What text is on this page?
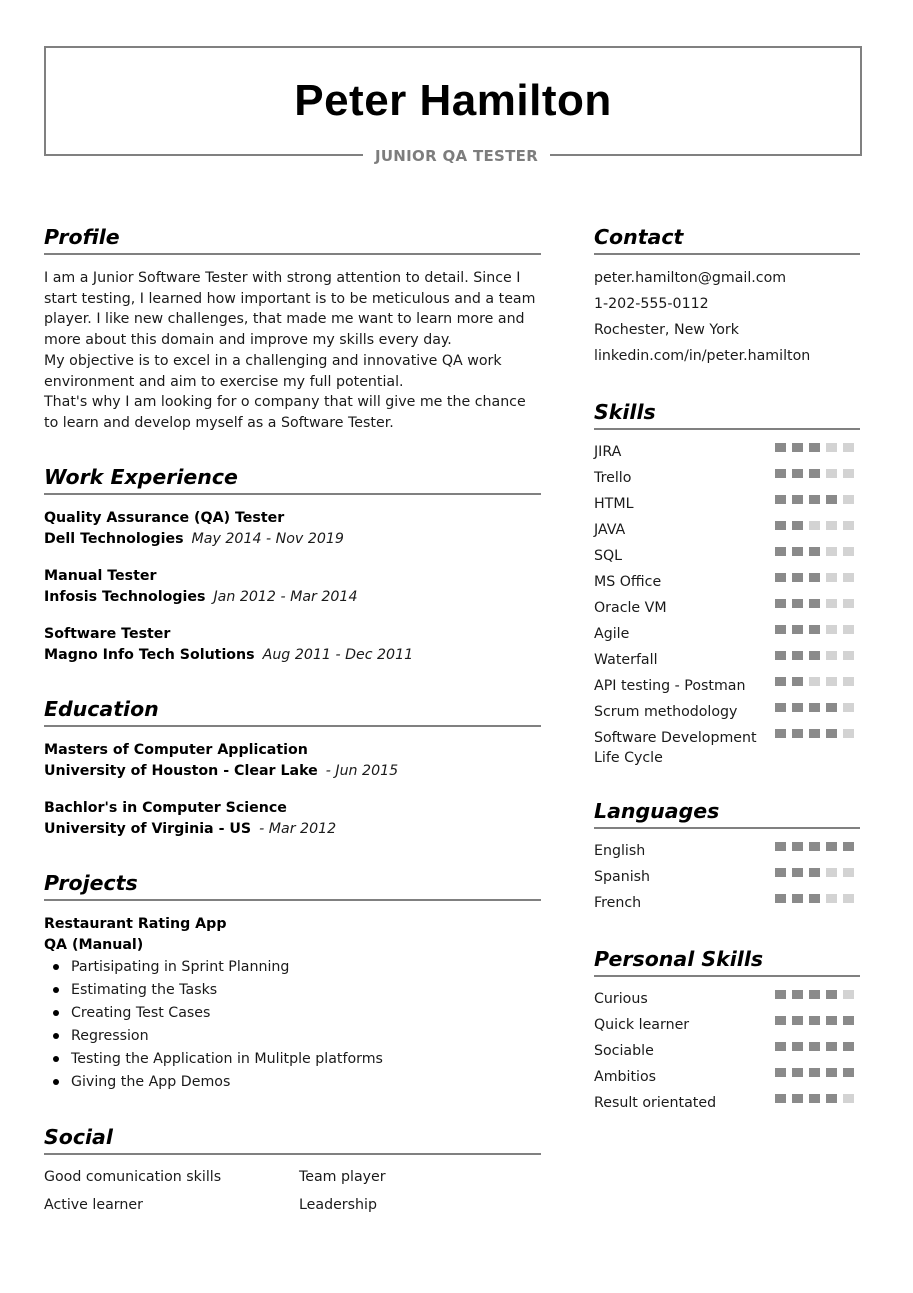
Peter Hamilton
JUNIOR QA TESTER
Profile
I am a Junior Software Tester with strong attention to detail. Since I start testing, I learned how important is to be meticulous and a team player. I like new challenges, that made me want to learn more and more about this domain and improve my skills every day.
My objective is to excel in a challenging and innovative QA work environment and aim to exercise my full potential.
That's why I am looking for o company that will give me the chance to learn and develop myself as a Software Tester.
Work Experience
Quality Assurance (QA) Tester
Dell Technologies May 2014 - Nov 2019
Manual Tester
Infosis Technologies Jan 2012 - Mar 2014
Software Tester
Magno Info Tech Solutions Aug 2011 - Dec 2011
Education
Masters of Computer Application
University of Houston - Clear Lake - Jun 2015
Bachlor's in Computer Science
University of Virginia - US - Mar 2012
Projects
Restaurant Rating App
QA (Manual)
Partisipating in Sprint Planning
Estimating the Tasks
Creating Test Cases
Regression
Testing the Application in Mulitple platforms
Giving the App Demos
Social
Good comunication skills	Team player
Active learner	Leadership
Contact
peter.hamilton@gmail.com
1-202-555-0112
Rochester, New York
linkedin.com/in/peter.hamilton
Skills
JIRA
Trello
HTML
JAVA
SQL
MS Office
Oracle VM
Agile
Waterfall
API testing - Postman
Scrum methodology
Software Development Life Cycle
Languages
English
Spanish
French
Personal Skills
Curious
Quick learner
Sociable
Ambitios
Result orientated
